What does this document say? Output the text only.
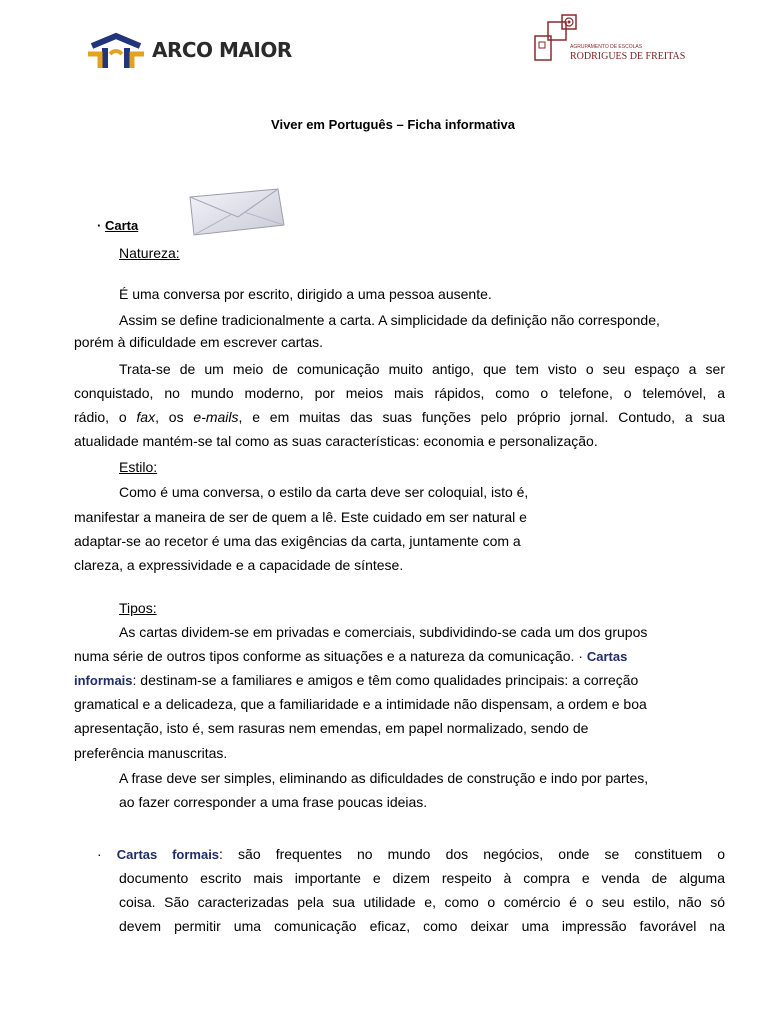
ARCO MAIOR	AGRUPAMENTO DE ESCOLAS
RODRIGUES DE FREITAS
Viver em Português – Ficha informativa
· Carta
Natureza:
É uma conversa por escrito, dirigido a uma pessoa ausente.
Assim se define tradicionalmente a carta. A simplicidade da definição não corresponde,
porém à dificuldade em escrever cartas.
Trata-se de um meio de comunicação muito antigo, que tem visto o seu espaço a ser
conquistado, no mundo moderno, por meios mais rápidos, como o telefone, o telemóvel, a
rádio, o fax, os e-mails, e em muitas das suas funções pelo próprio jornal. Contudo, a sua
atualidade mantém-se tal como as suas características: economia e personalização.
Estilo:
Como é uma conversa, o estilo da carta deve ser coloquial, isto é,
manifestar a maneira de ser de quem a lê. Este cuidado em ser natural e
adaptar-se ao recetor é uma das exigências da carta, juntamente com a
clareza, a expressividade e a capacidade de síntese.
Tipos:
As cartas dividem-se em privadas e comerciais, subdividindo-se cada um dos grupos
numa série de outros tipos conforme as situações e a natureza da comunicação. · Cartas
informais: destinam-se a familiares e amigos e têm como qualidades principais: a correção
gramatical e a delicadeza, que a familiaridade e a intimidade não dispensam, a ordem e boa
apresentação, isto é, sem rasuras nem emendas, em papel normalizado, sendo de
preferência manuscritas.
A frase deve ser simples, eliminando as dificuldades de construção e indo por partes,
ao fazer corresponder a uma frase poucas ideias.
· Cartas formais: são frequentes no mundo dos negócios, onde se constituem o
documento escrito mais importante e dizem respeito à compra e venda de alguma
coisa. São caracterizadas pela sua utilidade e, como o comércio é o seu estilo, não só
devem permitir uma comunicação eficaz, como deixar uma impressão favorável na
